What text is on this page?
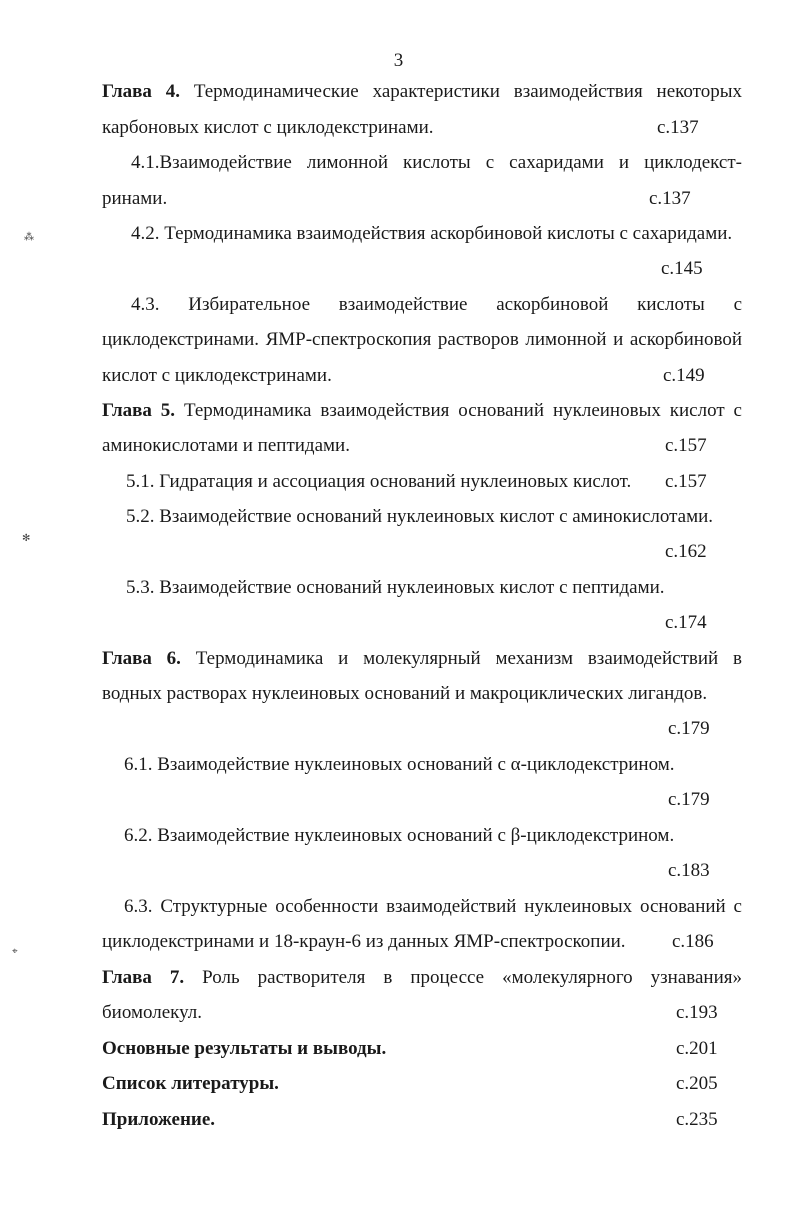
3
⁂
✻
⌖
Глава 4. Термодинамические характеристики взаимодействия некоторых
карбоновых кислот с циклодекстринами.	с.137
4.1.Взаимодействие лимонной кислоты с сахаридами и циклодекст-
ринами.	с.137
4.2. Термодинамика взаимодействия аскорбиновой кислоты с сахаридами.
с.145
4.3. Избирательное взаимодействие аскорбиновой кислоты с
циклодекстринами. ЯМР-спектроскопия растворов лимонной и аскорбиновой
кислот с циклодекстринами.	с.149
Глава 5. Термодинамика взаимодействия оснований нуклеиновых кислот с
аминокислотами и пептидами.	с.157
5.1. Гидратация и ассоциация оснований нуклеиновых кислот. с.157
5.2. Взаимодействие оснований нуклеиновых кислот с аминокислотами.
с.162
5.3. Взаимодействие оснований нуклеиновых кислот с пептидами.
с.174
Глава 6. Термодинамика и молекулярный механизм взаимодействий в
водных растворах нуклеиновых оснований и макроциклических лигандов.
с.179
6.1. Взаимодействие нуклеиновых оснований с α-циклодекстрином.
с.179
6.2. Взаимодействие нуклеиновых оснований с β-циклодекстрином.
с.183
6.3. Структурные особенности взаимодействий нуклеиновых оснований с
циклодекстринами и 18-краун-6 из данных ЯМР-спектроскопии. с.186
Глава 7. Роль растворителя в процессе «молекулярного узнавания»
биомолекул.	с.193
Основные результаты и выводы.	с.201
Список литературы.	с.205
Приложение.	с.235
